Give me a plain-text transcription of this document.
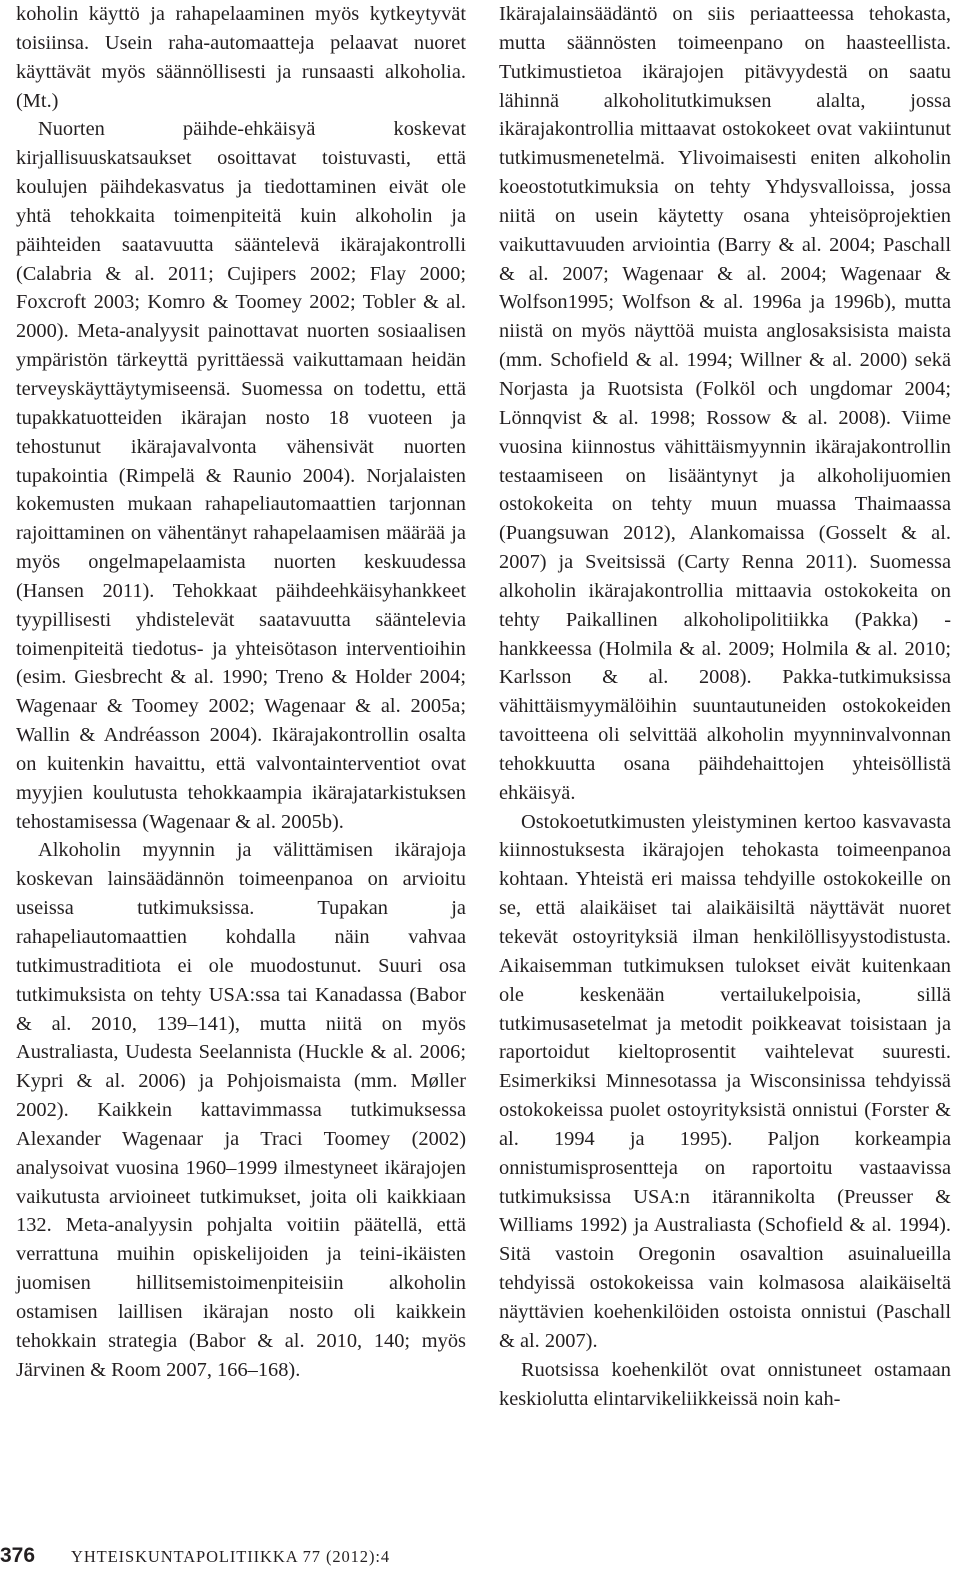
koholin käyttö ja rahapelaaminen myös kytkeytyvät toisiinsa. Usein raha-automaatteja pelaavat nuoret käyttävät myös säännöllisesti ja runsaasti alkoholia. (Mt.)

Nuorten päihde-ehkäisyä koskevat kirjallisuuskatsaukset osoittavat toistuvasti, että koulujen päihdekasvatus ja tiedottaminen eivät ole yhtä tehokkaita toimenpiteitä kuin alkoholin ja päihteiden saatavuutta sääntelevä ikärajakontrolli (Calabria & al. 2011; Cujipers 2002; Flay 2000; Foxcroft 2003; Komro & Toomey 2002; Tobler & al. 2000). Meta-analyysit painottavat nuorten sosiaalisen ympäristön tärkeyttä pyrittäessä vaikuttamaan heidän terveyskäyttäytymiseensä. Suomessa on todettu, että tupakkatuotteiden ikärajan nosto 18 vuoteen ja tehostunut ikärajavalvonta vähensivät nuorten tupakointia (Rimpelä & Raunio 2004). Norjalaisten kokemusten mukaan rahapeliautomaattien tarjonnan rajoittaminen on vähentänyt rahapelaamisen määrää ja myös ongelmapelaamista nuorten keskuudessa (Hansen 2011). Tehokkaat päihdeehkäisyhankkeet tyypillisesti yhdistelevät saatavuutta sääntelevia toimenpiteitä tiedotus- ja yhteisötason interventioihin (esim. Giesbrecht & al. 1990; Treno & Holder 2004; Wagenaar & Toomey 2002; Wagenaar & al. 2005a; Wallin & Andréasson 2004). Ikärajakontrollin osalta on kuitenkin havaittu, että valvontainterventiot ovat myyjien koulutusta tehokkaampia ikärajatarkistuksen tehostamisessa (Wagenaar & al. 2005b).

Alkoholin myynnin ja välittämisen ikärajoja koskevan lainsäädännön toimeenpanoa on arvioitu useissa tutkimuksissa. Tupakan ja rahapeliautomaattien kohdalla näin vahvaa tutkimustraditiota ei ole muodostunut. Suuri osa tutkimuksista on tehty USA:ssa tai Kanadassa (Babor & al. 2010, 139–141), mutta niitä on myös Australiasta, Uudesta Seelannista (Huckle & al. 2006; Kypri & al. 2006) ja Pohjoismaista (mm. Møller 2002). Kaikkein kattavimmassa tutkimuksessa Alexander Wagenaar ja Traci Toomey (2002) analysoivat vuosina 1960–1999 ilmestyneet ikärajojen vaikutusta arvioineet tutkimukset, joita oli kaikkiaan 132. Meta-analyysin pohjalta voitiin päätellä, että verrattuna muihin opiskelijoiden ja teini-ikäisten juomisen hillitsemistoimenpiteisiin alkoholin ostamisen laillisen ikärajan nosto oli kaikkein tehokkain strategia (Babor & al. 2010, 140; myös Järvinen & Room 2007, 166–168).

Ikärajalainsäädäntö on siis periaatteessa tehokasta, mutta säännösten toimeenpano on haasteellista. Tutkimustietoa ikärajojen pitävyydestä on saatu lähinnä alkoholitutkimuksen alalta, jossa ikärajakontrollia mittaavat ostokokeet ovat vakiintunut tutkimusmenetelmä. Ylivoimaisesti eniten alkoholin koeostotutkimuksia on tehty Yhdysvalloissa, jossa niitä on usein käytetty osana yhteisöprojektien vaikuttavuuden arviointia (Barry & al. 2004; Paschall & al. 2007; Wagenaar & al. 2004; Wagenaar & Wolfson1995; Wolfson & al. 1996a ja 1996b), mutta niistä on myös näyttöä muista anglosaksisista maista (mm. Schofield & al. 1994; Willner & al. 2000) sekä Norjasta ja Ruotsista (Folköl och ungdomar 2004; Lönnqvist & al. 1998; Rossow & al. 2008). Viime vuosina kiinnostus vähittäismyynnin ikärajakontrollin testaamiseen on lisääntynyt ja alkoholijuomien ostokokeita on tehty muun muassa Thaimaassa (Puangsuwan 2012), Alankomaissa (Gosselt & al. 2007) ja Sveitsissä (Carty Renna 2011). Suomessa alkoholin ikärajakontrollia mittaavia ostokokeita on tehty Paikallinen alkoholipolitiikka (Pakka) -hankkeessa (Holmila & al. 2009; Holmila & al. 2010; Karlsson & al. 2008). Pakka-tutkimuksissa vähittäismyymälöihin suuntautuneiden ostokokeiden tavoitteena oli selvittää alkoholin myynninvalvonnan tehokkuutta osana päihdehaittojen yhteisöllistä ehkäisyä.

Ostokoetutkimusten yleistyminen kertoo kasvavasta kiinnostuksesta ikärajojen tehokasta toimeenpanoa kohtaan. Yhteistä eri maissa tehdyille ostokokeille on se, että alaikäiset tai alaikäisiltä näyttävät nuoret tekevät ostoyrityksiä ilman henkilöllisyystodistusta. Aikaisemman tutkimuksen tulokset eivät kuitenkaan ole keskenään vertailukelpoisia, sillä tutkimusasetelmat ja metodit poikkeavat toisistaan ja raportoidut kieltoprosentit vaihtelevat suuresti. Esimerkiksi Minnesotassa ja Wisconsinissa tehdyissä ostokokeissa puolet ostoyrityksistä onnistui (Forster & al. 1994 ja 1995). Paljon korkeampia onnistumisprosentteja on raportoitu vastaavissa tutkimuksissa USA:n itärannikolta (Preusser & Williams 1992) ja Australiasta (Schofield & al. 1994). Sitä vastoin Oregonin osavaltion asuinalueilla tehdyissä ostokokeissa vain kolmasosa alaikäiseltä näyttävien koehenkilöiden ostoista onnistui (Paschall & al. 2007).

Ruotsissa koehenkilöt ovat onnistuneet ostamaan keskiolutta elintarvikeliikkeissä noin kah-

376 YHTEISKUNTAPOLITIIKKA 77 (2012):4
